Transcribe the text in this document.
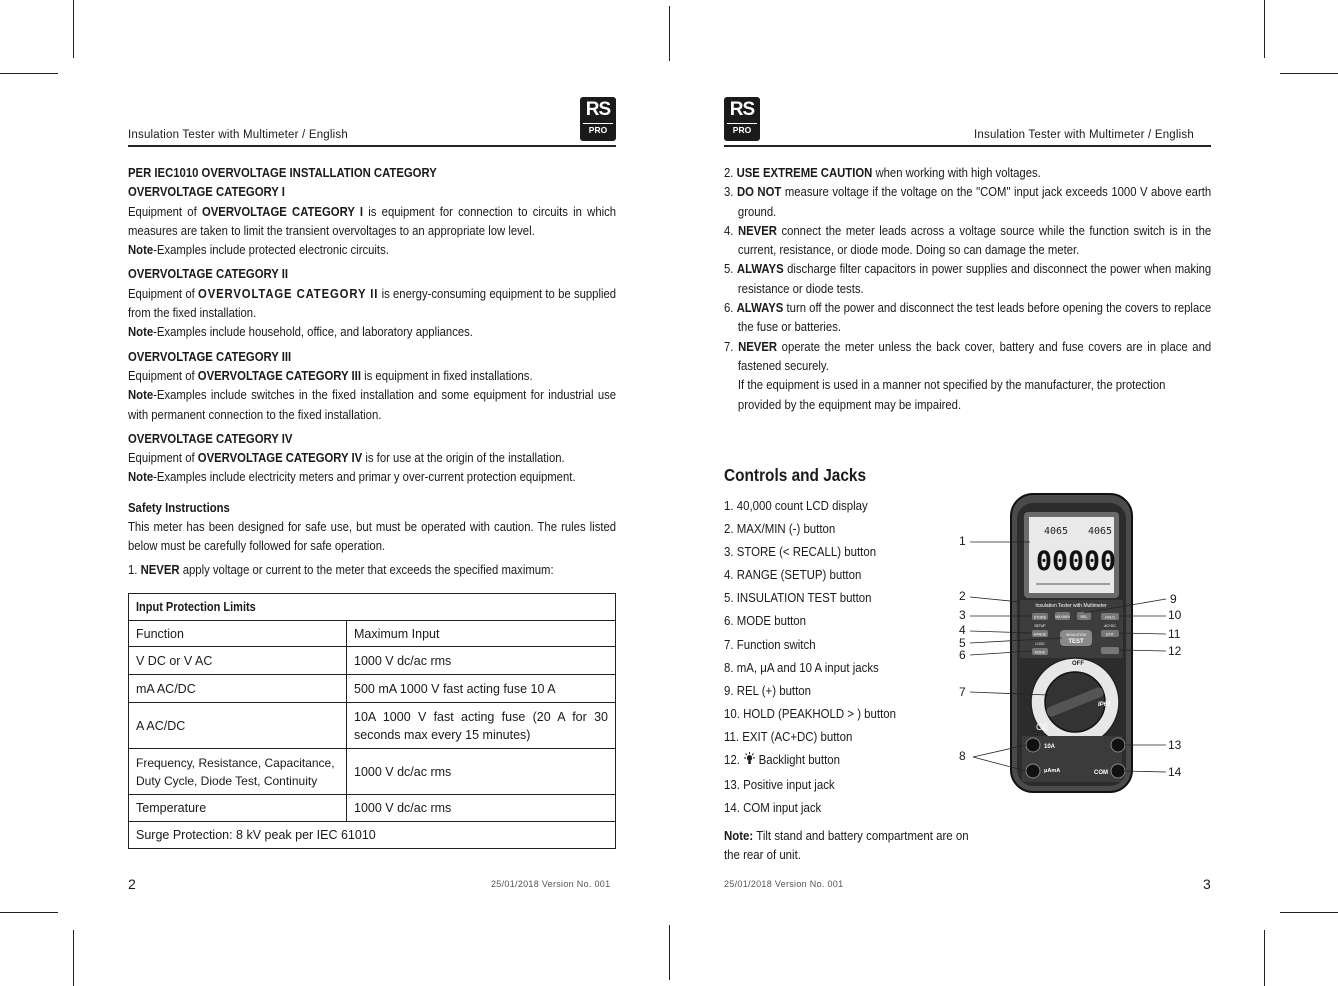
Insulation Tester with Multimeter / English
RS
PRO
PER IEC1010 OVERVOLTAGE INSTALLATION CATEGORY
OVERVOLTAGE CATEGORY I

Equipment of OVERVOLTAGE CATEGORY I is equipment for connection to circuits in which measures are taken to limit the transient overvoltages to an appropriate low level.

Note-Examples include protected electronic circuits.

OVERVOLTAGE CATEGORY II

Equipment of OVERVOLTAGE CATEGORY II is energy-consuming equipment to be supplied from the fixed installation.

Note-Examples include household, office, and laboratory appliances.

OVERVOLTAGE CATEGORY III

Equipment of OVERVOLTAGE CATEGORY III is equipment in fixed installations.

Note-Examples include switches in the fixed installation and some equipment for industrial use with permanent connection to the fixed installation.

OVERVOLTAGE CATEGORY IV

Equipment of OVERVOLTAGE CATEGORY IV is for use at the origin of the installation.

Note-Examples include electricity meters and primar y over-current protection equipment.

Safety Instructions

This meter has been designed for safe use, but must be operated with caution. The rules listed below must be carefully followed for safe operation.

1. NEVER apply voltage or current to the meter that exceeds the specified maximum:

Input Protection Limits	
Function	Maximum Input
V DC or V AC	1000 V dc/ac rms
mA AC/DC	500 mA 1000 V fast acting fuse 10 A
A AC/DC	10A 1000 V fast acting fuse (20 A for 30 seconds max every 15 minutes)
Frequency, Resistance, Capacitance, Duty Cycle, Diode Test, Continuity	1000 V dc/ac rms
Temperature	1000 V dc/ac rms
Surge Protection: 8 kV peak per IEC 61010	
2	25/01/2018 Version No. 001
RS
PRO	Insulation Tester with Multimeter / English

2. USE EXTREME CAUTION when working with high voltages.

3. DO NOT measure voltage if the voltage on the "COM" input jack exceeds 1000 V above earth ground.

4. NEVER connect the meter leads across a voltage source while the function switch is in the current, resistance, or diode mode. Doing so can damage the meter.

5. ALWAYS discharge filter capacitors in power supplies and disconnect the power when making resistance or diode tests.

6. ALWAYS turn off the power and disconnect the test leads before opening the covers to replace the fuse or batteries.

7. NEVER operate the meter unless the back cover, battery and fuse covers are in place and fastened securely.

If the equipment is used in a manner not specified by the manufacturer, the protection provided by the equipment may be impaired.

Controls and Jacks
1. 40,000 count LCD display
2. MAX/MIN (-) button
3. STORE (< RECALL) button
4. RANGE (SETUP) button
5. INSULATION TEST button
6. MODE button
7. Function switch
8. mA, μA and 10 A input jacks
9. REL (+) button
10. HOLD (PEAKHOLD > ) button
11. EXIT (AC+DC) button
12.  Backlight button
13. Positive input jack
14. COM input jack
Note: Tilt stand and battery compartment are on the rear of unit.
4065 4065
00000
Insulation Tester with Multimeter
STORE	MAX/MIN	REL	HOLD
SETUP	AC+DC
RANGE	INSULATION
TEST
EXIT
LOCK
MODE
OFF
CE
IP67
10A
μAmA	COM
1
2
3
4
5
6
7
8
9
10
11
12
13
14
25/01/2018 Version No. 001	3
